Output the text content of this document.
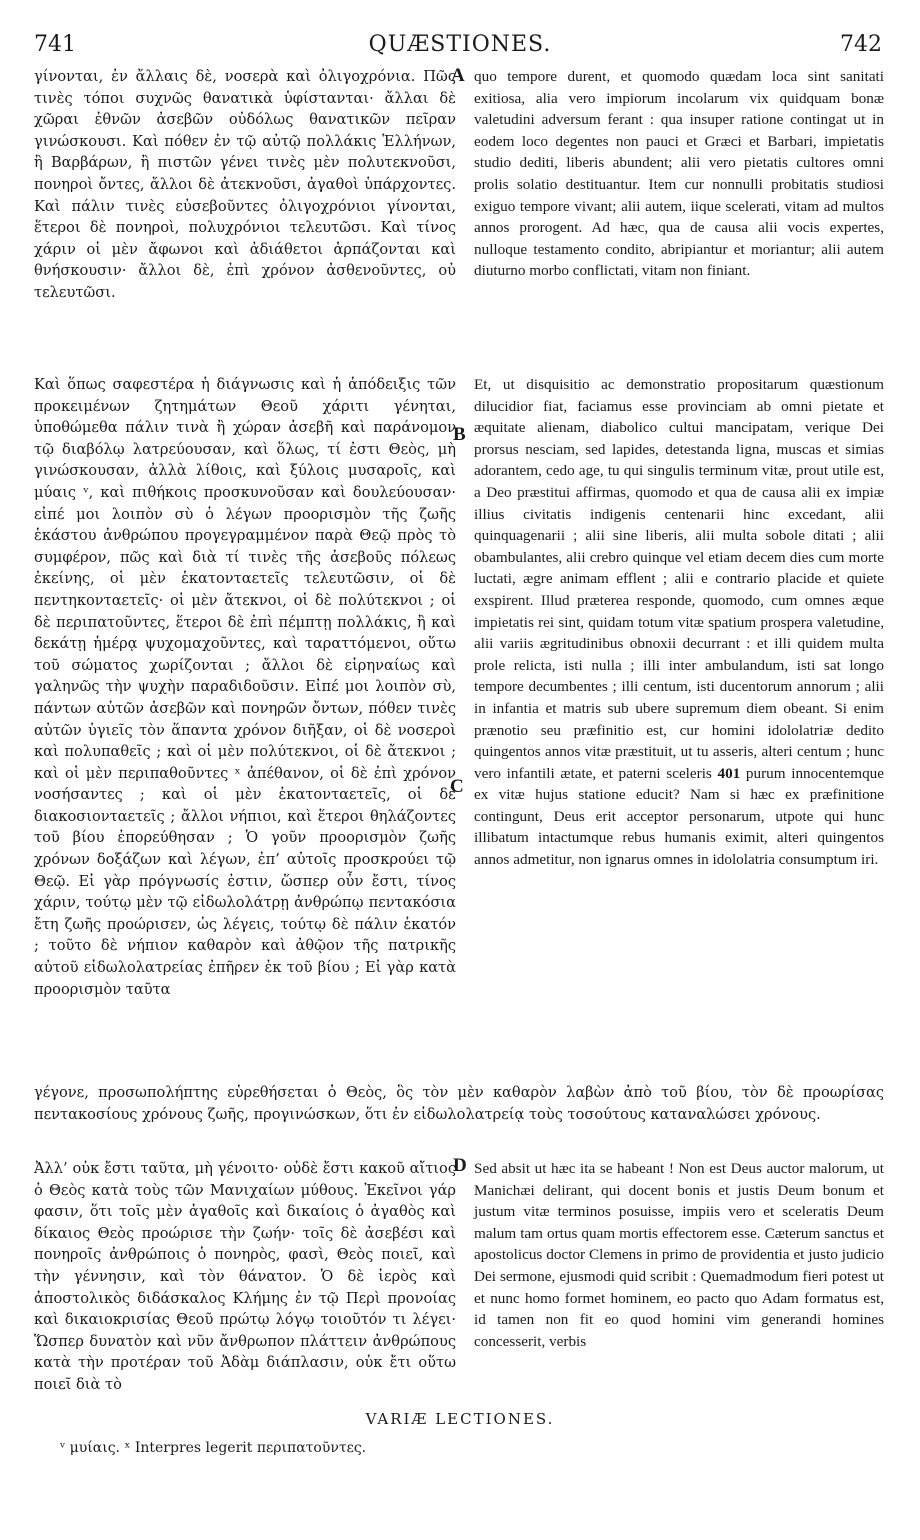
741	QUÆSTIONES.	742
A
B
C
D

γίνονται, ἐν ἄλλαις δὲ, νοσερὰ καὶ ὀλιγοχρόνια. Πῶς τινὲς τόποι συχνῶς θανατικὰ ὑφίστανται· ἄλλαι δὲ χῶραι ἐθνῶν ἀσεβῶν οὐδόλως θανατικῶν πεῖραν γινώσκουσι. Καὶ πόθεν ἐν τῷ αὐτῷ πολλάκις Ἑλλήνων, ἢ Βαρβάρων, ἢ πιστῶν γένει τινὲς μὲν πολυτεκνοῦσι, πονηροὶ ὄντες, ἄλλοι δὲ ἀτεκνοῦσι, ἀγαθοὶ ὑπάρχοντες. Καὶ πάλιν τινὲς εὐσεβοῦντες ὀλιγοχρόνιοι γίνονται, ἕτεροι δὲ πονηροὶ, πολυχρόνιοι τελευτῶσι. Καὶ τίνος χάριν οἱ μὲν ἄφωνοι καὶ ἀδιάθετοι ἁρπάζονται καὶ θνήσκουσιν· ἄλλοι δὲ, ἐπὶ χρόνον ἀσθενοῦντες, οὐ τελευτῶσι.

quo tempore durent, et quomodo quædam loca sint sanitati exitiosa, alia vero impiorum incolarum vix quidquam bonæ valetudini adversum ferant : qua insuper ratione contingat ut in eodem loco degentes non pauci et Græci et Barbari, impietatis studio dediti, liberis abundent; alii vero pietatis cultores omni prolis solatio destituantur. Item cur nonnulli probitatis studiosi exiguo tempore vivant; alii autem, iique scelerati, vitam ad multos annos prorogent. Ad hæc, qua de causa alii vocis expertes, nulloque testamento condito, abripiantur et moriantur; alii autem diuturno morbo conflictati, vitam non finiant.

Καὶ ὅπως σαφεστέρα ἡ διάγνωσις καὶ ἡ ἀπόδειξις τῶν προκειμένων ζητημάτων Θεοῦ χάριτι γένηται, ὑποθώμεθα πάλιν τινὰ ἢ χώραν ἀσεβῆ καὶ παράνομον τῷ διαβόλῳ λατρεύουσαν, καὶ ὅλως, τί ἐστι Θεὸς, μὴ γινώσκουσαν, ἀλλὰ λίθοις, καὶ ξύλοις μυσαροῖς, καὶ μύαις ᵛ, καὶ πιθήκοις προσκυνοῦσαν καὶ δουλεύουσαν· εἰπέ μοι λοιπὸν σὺ ὁ λέγων προορισμὸν τῆς ζωῆς ἑκάστου ἀνθρώπου προγεγραμμένον παρὰ Θεῷ πρὸς τὸ συμφέρον, πῶς καὶ διὰ τί τινὲς τῆς ἀσεβοῦς πόλεως ἐκείνης, οἱ μὲν ἑκατονταετεῖς τελευτῶσιν, οἱ δὲ πεντηκονταετεῖς· οἱ μὲν ἄτεκνοι, οἱ δὲ πολύτεκνοι ; οἱ δὲ περιπατοῦντες, ἕτεροι δὲ ἐπὶ πέμπτῃ πολλάκις, ἢ καὶ δεκάτῃ ἡμέρᾳ ψυχομαχοῦντες, καὶ ταραττόμενοι, οὕτω τοῦ σώματος χωρίζονται ; ἄλλοι δὲ εἰρηναίως καὶ γαληνῶς τὴν ψυχὴν παραδιδοῦσιν. Εἰπέ μοι λοιπὸν σὺ, πάντων αὐτῶν ἀσεβῶν καὶ πονηρῶν ὄντων, πόθεν τινὲς αὐτῶν ὑγιεῖς τὸν ἅπαντα χρόνον διῆξαν, οἱ δὲ νοσεροὶ καὶ πολυπαθεῖς ; καὶ οἱ μὲν πολύτεκνοι, οἱ δὲ ἄτεκνοι ; καὶ οἱ μὲν περιπαθοῦντες ˣ ἀπέθανον, οἱ δὲ ἐπὶ χρόνον νοσήσαντες ; καὶ οἱ μὲν ἑκατονταετεῖς, οἱ δὲ διακοσιονταετεῖς ; ἄλλοι νήπιοι, καὶ ἕτεροι θηλάζοντες τοῦ βίου ἐπορεύθησαν ; Ὁ γοῦν προορισμὸν ζωῆς χρόνων δοξάζων καὶ λέγων, ἐπ’ αὐτοῖς προσκρούει τῷ Θεῷ. Εἰ γὰρ πρόγνωσίς ἐστιν, ὥσπερ οὖν ἔστι, τίνος χάριν, τούτῳ μὲν τῷ εἰδωλολάτρῃ ἀνθρώπῳ πεντακόσια ἔτη ζωῆς προώρισεν, ὡς λέγεις, τούτῳ δὲ πάλιν ἑκατόν ; τοῦτο δὲ νήπιον καθαρὸν καὶ ἀθῷον τῆς πατρικῆς αὐτοῦ εἰδωλολατρείας ἐπῆρεν ἐκ τοῦ βίου ; Εἰ γὰρ κατὰ προορισμὸν ταῦτα

Et, ut disquisitio ac demonstratio propositarum quæstionum dilucidior fiat, faciamus esse provinciam ab omni pietate et æquitate alienam, diabolico cultui mancipatam, verique Dei prorsus nesciam, sed lapides, detestanda ligna, muscas et simias adorantem, cedo age, tu qui singulis terminum vitæ, prout utile est, a Deo præstitui affirmas, quomodo et qua de causa alii ex impiæ illius civitatis indigenis centenarii hinc excedant, alii quinquagenarii ; alii sine liberis, alii multa sobole ditati ; alii obambulantes, alii crebro quinque vel etiam decem dies cum morte luctati, ægre animam efflent ; alii e contrario placide et quiete exspirent. Illud præterea responde, quomodo, cum omnes æque impietatis rei sint, quidam totum vitæ spatium prospera valetudine, alii variis ægritudinibus obnoxii decurrant : et illi quidem multa prole relicta, isti nulla ; illi inter ambulandum, isti sat longo tempore decumbentes ; illi centum, isti ducentorum annorum ; alii in infantia et matris sub ubere supremum diem obeant. Si enim prænotio seu præfinitio est, cur homini idololatriæ dedito quingentos annos vitæ præstituit, ut tu asseris, alteri centum ; hunc vero infantili ætate, et paterni sceleris 401 purum innocentemque ex vitæ hujus statione educit? Nam si hæc ex præfinitione contingunt, Deus erit acceptor personarum, utpote qui hunc illibatum intactumque rebus humanis eximit, alteri quingentos annos admetitur, non ignarus omnes in idololatria consumptum iri.

γέγονε, προσωπολήπτης εὑρεθήσεται ὁ Θεὸς, ὃς τὸν μὲν καθαρὸν λαβὼν ἀπὸ τοῦ βίου, τὸν δὲ προωρίσας πεντακοσίους χρόνους ζωῆς, προγινώσκων, ὅτι ἐν εἰδωλολατρείᾳ τοὺς τοσούτους καταναλώσει χρόνους.

Ἀλλ’ οὐκ ἔστι ταῦτα, μὴ γένοιτο· οὐδὲ ἔστι κακοῦ αἴτιος ὁ Θεὸς κατὰ τοὺς τῶν Μανιχαίων μύθους. Ἐκεῖνοι γάρ φασιν, ὅτι τοῖς μὲν ἀγαθοῖς καὶ δικαίοις ὁ ἀγαθὸς καὶ δίκαιος Θεὸς προώρισε τὴν ζωήν· τοῖς δὲ ἀσεβέσι καὶ πονηροῖς ἀνθρώποις ὁ πονηρὸς, φασὶ, Θεὸς ποιεῖ, καὶ τὴν γέννησιν, καὶ τὸν θάνατον. Ὁ δὲ ἱερὸς καὶ ἀποστολικὸς διδάσκαλος Κλήμης ἐν τῷ Περὶ προνοίας καὶ δικαιοκρισίας Θεοῦ πρώτῳ λόγῳ τοιοῦτόν τι λέγει· Ὥσπερ δυνατὸν καὶ νῦν ἄνθρωπον πλάττειν ἀνθρώπους κατὰ τὴν προτέραν τοῦ Ἀδὰμ διάπλασιν, οὐκ ἔτι οὕτω ποιεῖ διὰ τὸ

Sed absit ut hæc ita se habeant ! Non est Deus auctor malorum, ut Manichæi delirant, qui docent bonis et justis Deum bonum et justum vitæ terminos posuisse, impiis vero et sceleratis Deum malum tam ortus quam mortis effectorem esse. Cæterum sanctus et apostolicus doctor Clemens in primo de providentia et justo judicio Dei sermone, ejusmodi quid scribit : Quemadmodum fieri potest ut et nunc homo formet hominem, eo pacto quo Adam formatus est, id tamen non fit eo quod homini vim generandi homines concesserit, verbis

VARIÆ LECTIONES.
ᵛ μυίαις. ˣ Interpres legerit περιπατοῦντες.
